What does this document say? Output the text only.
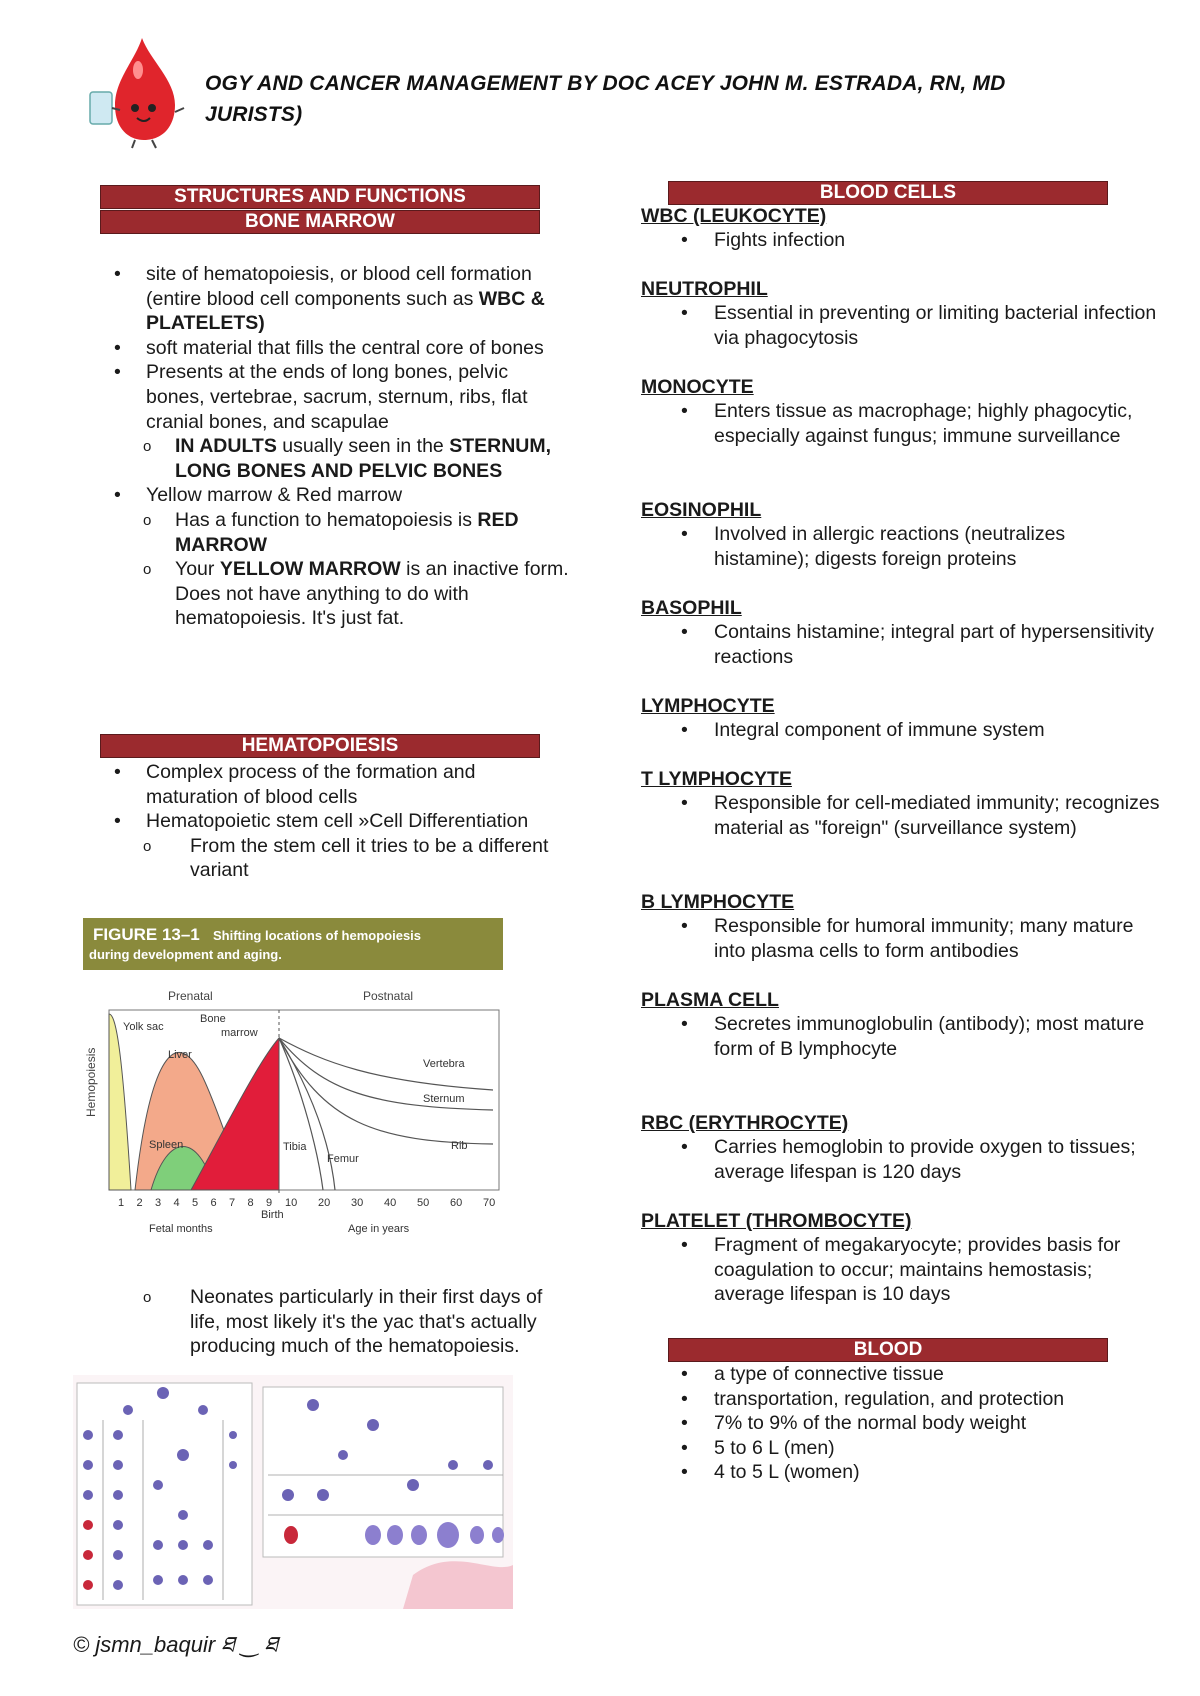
OGY AND CANCER MANAGEMENT BY DOC ACEY JOHN M. ESTRADA, RN, MD
JURISTS)
STRUCTURES AND FUNCTIONS
BONE MARROW
• site of hematopoiesis, or blood cell formation (entire blood cell components such as WBC & PLATELETS)
• soft material that fills the central core of bones
• Presents at the ends of long bones, pelvic bones, vertebrae, sacrum, sternum, ribs, flat cranial bones, and scapulae
o IN ADULTS usually seen in the STERNUM, LONG BONES AND PELVIC BONES
• Yellow marrow & Red marrow
o Has a function to hematopoiesis is RED MARROW
o Your YELLOW MARROW is an inactive form. Does not have anything to do with hematopoiesis. It's just fat.
HEMATOPOIESIS
• Complex process of the formation and maturation of blood cells
• Hematopoietic stem cell »Cell Differentiation
o From the stem cell it tries to be a different variant
FIGURE 13–1 Shifting locations of hemopoiesis
during development and aging.
Shifting locations of hemopoiesis during development and aging.
Prenatal	Postnatal
Hemopoiesis
Yolk sac
Bone
marrow
Liver
Spleen
Vertebra
Sternum
Rib
Tibia
Femur
Birth
Fetal months	Age in years
1 2 3 4 5 6 7 8 9 10 20 30 40 50 60 70
o Neonates particularly in their first days of life, most likely it's the yac that's actually producing much of the hematopoiesis.
BLOOD CELLS
WBC (LEUKOCYTE)
• Fights infection
NEUTROPHIL
• Essential in preventing or limiting bacterial infection via phagocytosis
MONOCYTE
• Enters tissue as macrophage; highly phagocytic, especially against fungus; immune surveillance
EOSINOPHIL
• Involved in allergic reactions (neutralizes histamine); digests foreign proteins
BASOPHIL
• Contains histamine; integral part of hypersensitivity reactions
LYMPHOCYTE
• Integral component of immune system
T LYMPHOCYTE
• Responsible for cell-mediated immunity; recognizes material as "foreign" (surveillance system)
B LYMPHOCYTE
• Responsible for humoral immunity; many mature into plasma cells to form antibodies
PLASMA CELL
• Secretes immunoglobulin (antibody); most mature form of B lymphocyte
RBC (ERYTHROCYTE)
• Carries hemoglobin to provide oxygen to tissues; average lifespan is 120 days
PLATELET (THROMBOCYTE)
• Fragment of megakaryocyte; provides basis for coagulation to occur; maintains hemostasis; average lifespan is 10 days
BLOOD
• a type of connective tissue
• transportation, regulation, and protection
• 7% to 9% of the normal body weight
• 5 to 6 L (men)
• 4 to 5 L (women)
© jsmn_baquir ཐ ‿ ཐ
